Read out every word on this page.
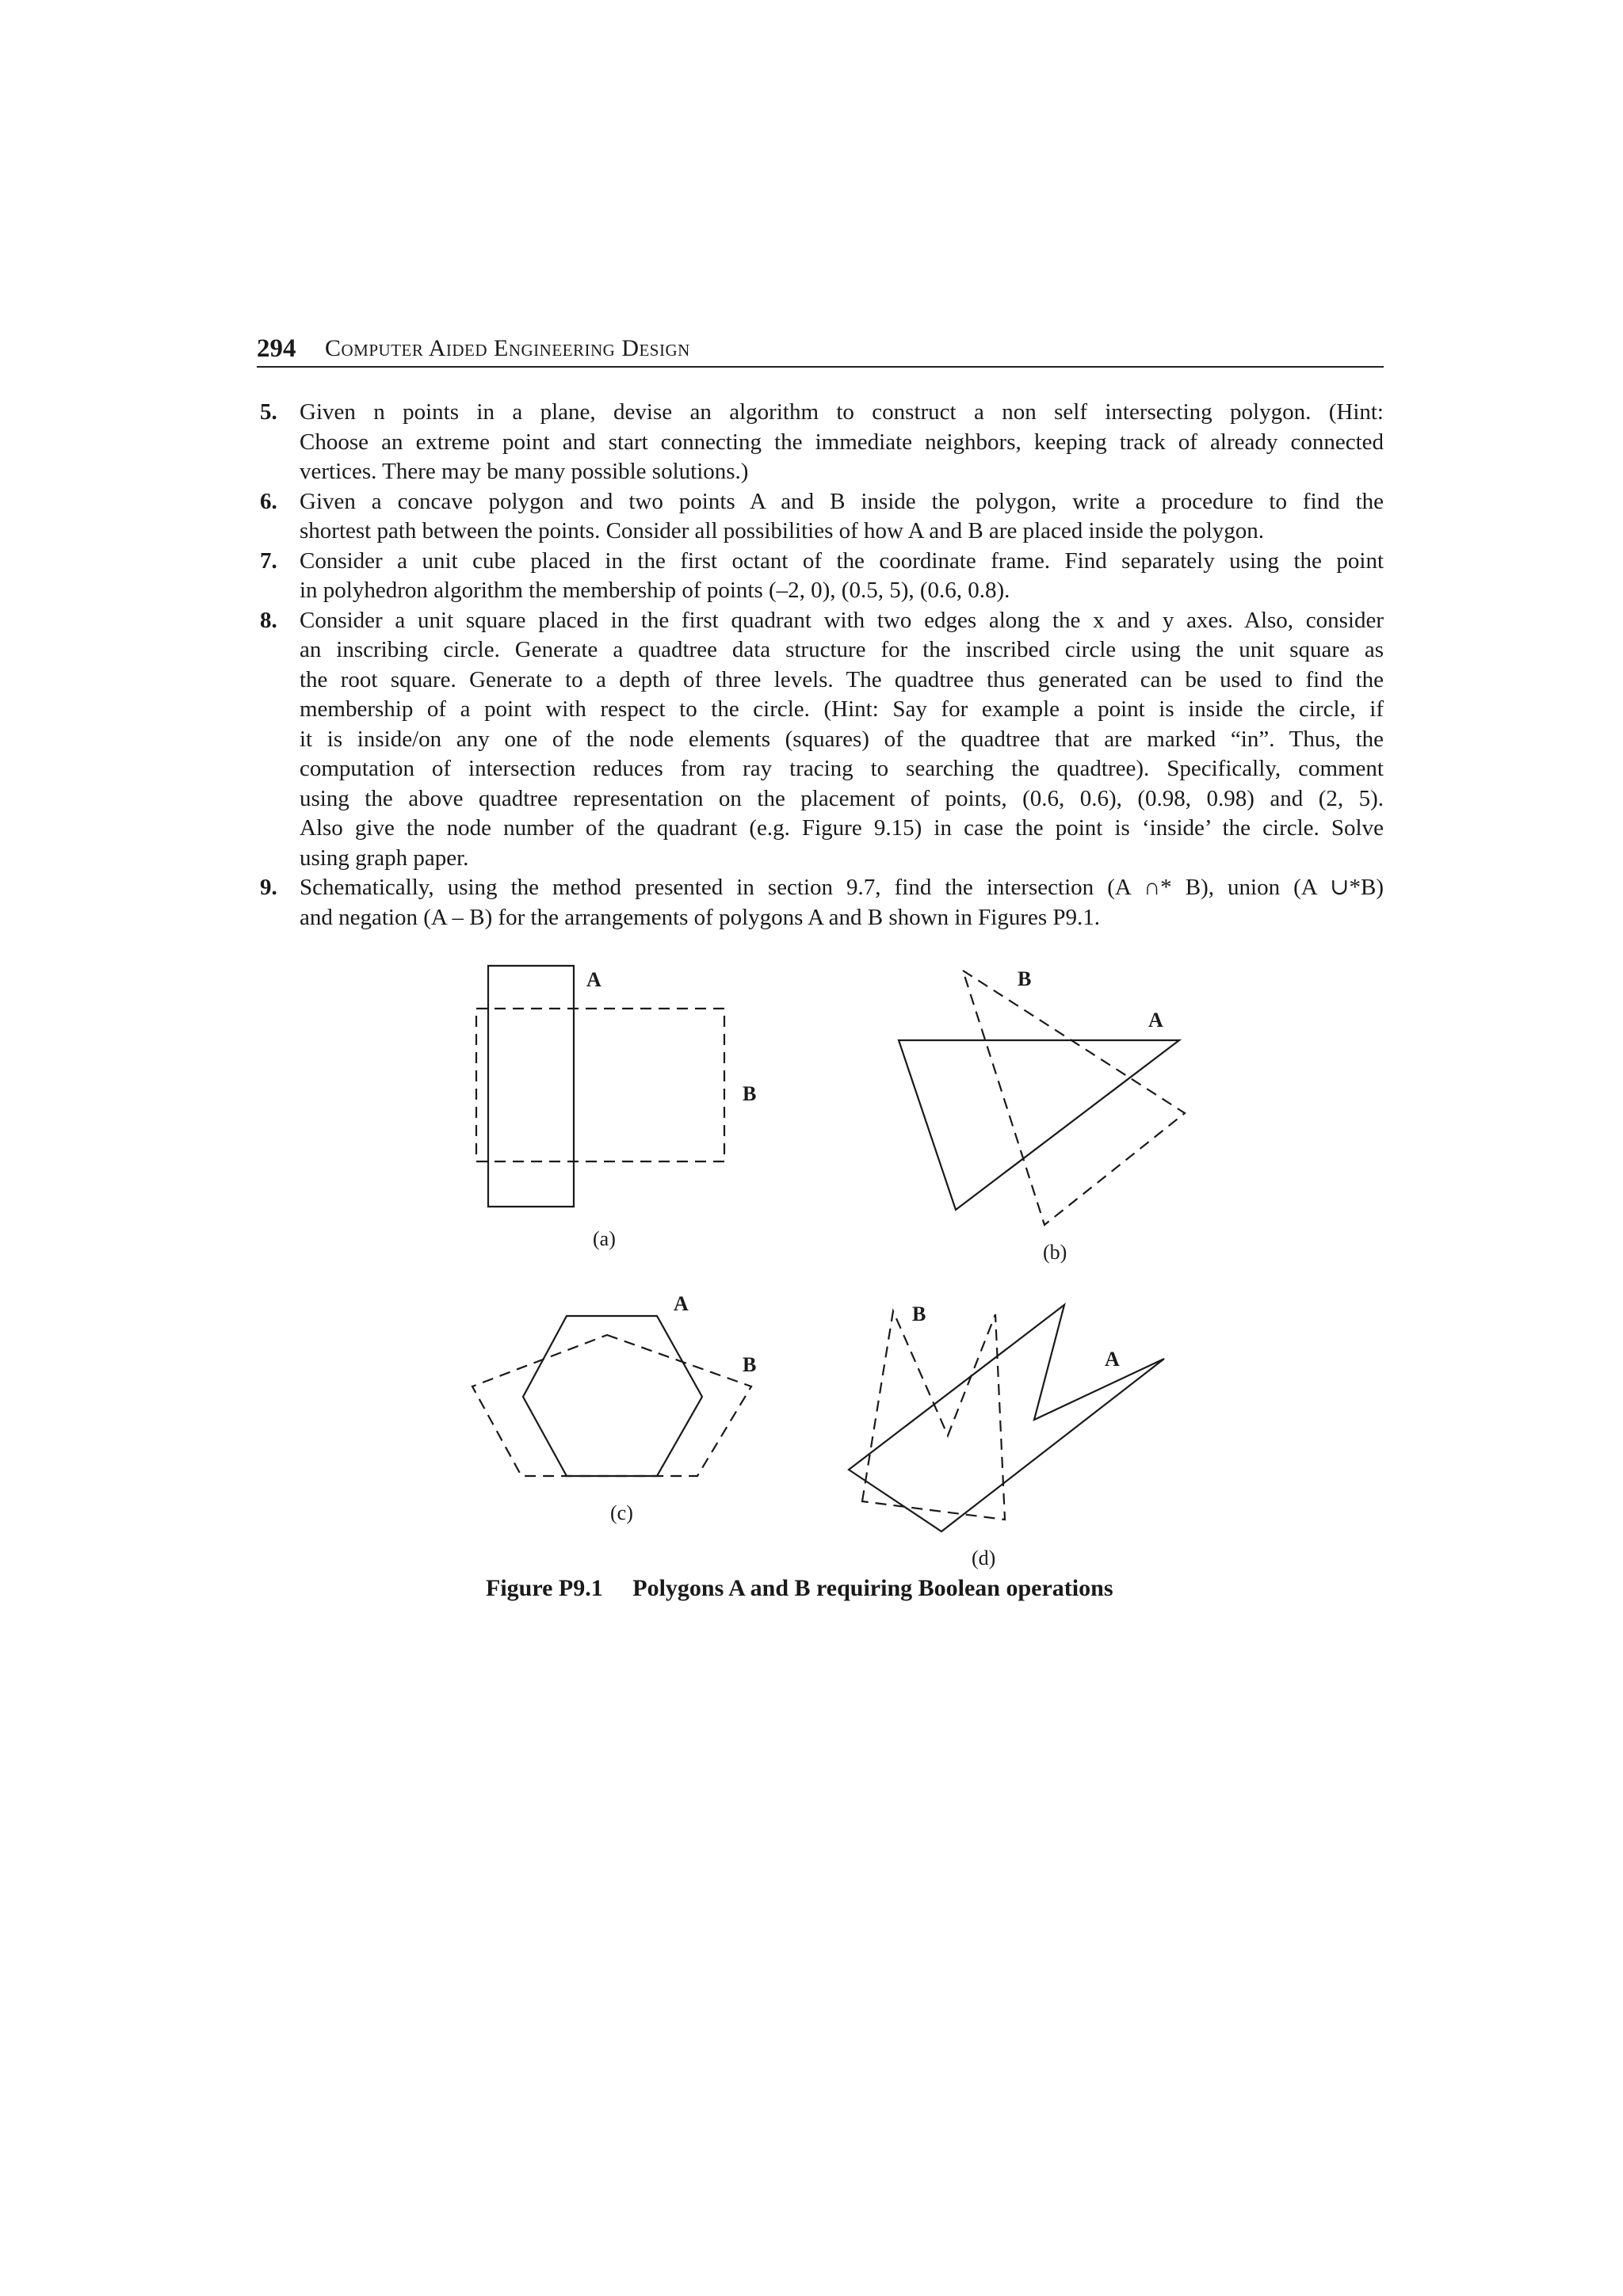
294 Computer Aided Engineering Design
5. Given n points in a plane, devise an algorithm to construct a non self intersecting polygon. (Hint:
Choose an extreme point and start connecting the immediate neighbors, keeping track of already connected
vertices. There may be many possible solutions.)
6. Given a concave polygon and two points A and B inside the polygon, write a procedure to find the
shortest path between the points. Consider all possibilities of how A and B are placed inside the polygon.
7. Consider a unit cube placed in the first octant of the coordinate frame. Find separately using the point
in polyhedron algorithm the membership of points (–2, 0), (0.5, 5), (0.6, 0.8).
8. Consider a unit square placed in the first quadrant with two edges along the x and y axes. Also, consider
an inscribing circle. Generate a quadtree data structure for the inscribed circle using the unit square as
the root square. Generate to a depth of three levels. The quadtree thus generated can be used to find the
membership of a point with respect to the circle. (Hint: Say for example a point is inside the circle, if
it is inside/on any one of the node elements (squares) of the quadtree that are marked “in”. Thus, the
computation of intersection reduces from ray tracing to searching the quadtree). Specifically, comment
using the above quadtree representation on the placement of points, (0.6, 0.6), (0.98, 0.98) and (2, 5).
Also give the node number of the quadrant (e.g. Figure 9.15) in case the point is ‘inside’ the circle. Solve
using graph paper.
9. Schematically, using the method presented in section 9.7, find the intersection (A ∩* B), union (A ∪*B)
and negation (A – B) for the arrangements of polygons A and B shown in Figures P9.1.
A
B
(a)
B
A
(b)
A
B
(c)
B
A
(d)
Figure P9.1 Polygons A and B requiring Boolean operations
